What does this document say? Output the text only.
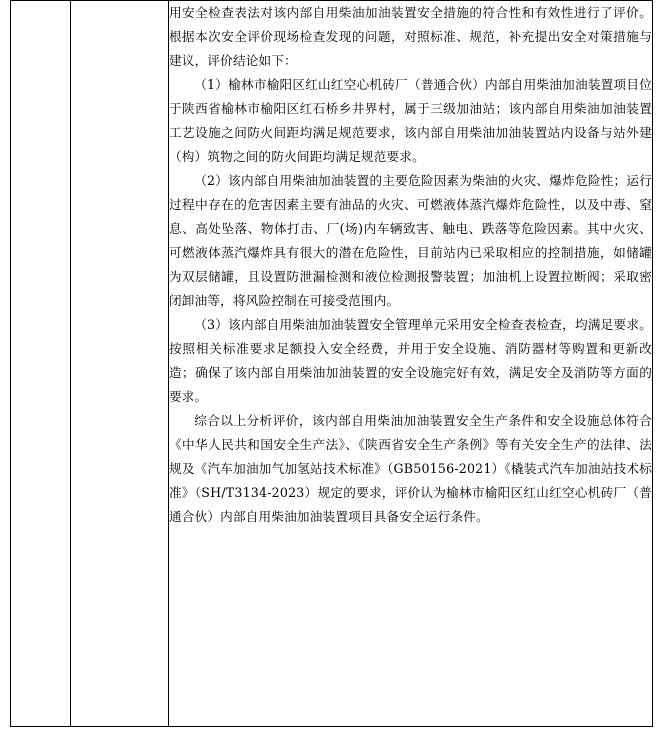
用安全检查表法对该内部自用柴油加油装置安全措施的符合性和有效性进行了评价。根据本次安全评价现场检查发现的问题，对照标准、规范，补充提出安全对策措施与建议，评价结论如下：

（1）榆林市榆阳区红山红空心机砖厂（普通合伙）内部自用柴油加油装置项目位于陕西省榆林市榆阳区红石桥乡井界村，属于三级加油站；该内部自用柴油加油装置工艺设施之间防火间距均满足规范要求，该内部自用柴油加油装置站内设备与站外建（构）筑物之间的防火间距均满足规范要求。

（2）该内部自用柴油加油装置的主要危险因素为柴油的火灾、爆炸危险性；运行过程中存在的危害因素主要有油品的火灾、可燃液体蒸汽爆炸危险性，以及中毒、窒息、高处坠落、物体打击、厂(场)内车辆致害、触电、跌落等危险因素。其中火灾、可燃液体蒸汽爆炸具有很大的潜在危险性，目前站内已采取相应的控制措施，如储罐为双层储罐，且设置防泄漏检测和液位检测报警装置；加油机上设置拉断阀；采取密闭卸油等，将风险控制在可接受范围内。

（3）该内部自用柴油加油装置安全管理单元采用安全检查表检查，均满足要求。按照相关标准要求足额投入安全经费，并用于安全设施、消防器材等购置和更新改造；确保了该内部自用柴油加油装置的安全设施完好有效，满足安全及消防等方面的要求。

综合以上分析评价，该内部自用柴油加油装置安全生产条件和安全设施总体符合《中华人民共和国安全生产法》、《陕西省安全生产条例》等有关安全生产的法律、法规及《汽车加油加气加氢站技术标准》（GB50156-2021）《橇装式汽车加油站技术标准》（SH/T3134-2023）规定的要求，评价认为榆林市榆阳区红山红空心机砖厂（普通合伙）内部自用柴油加油装置项目具备安全运行条件。
